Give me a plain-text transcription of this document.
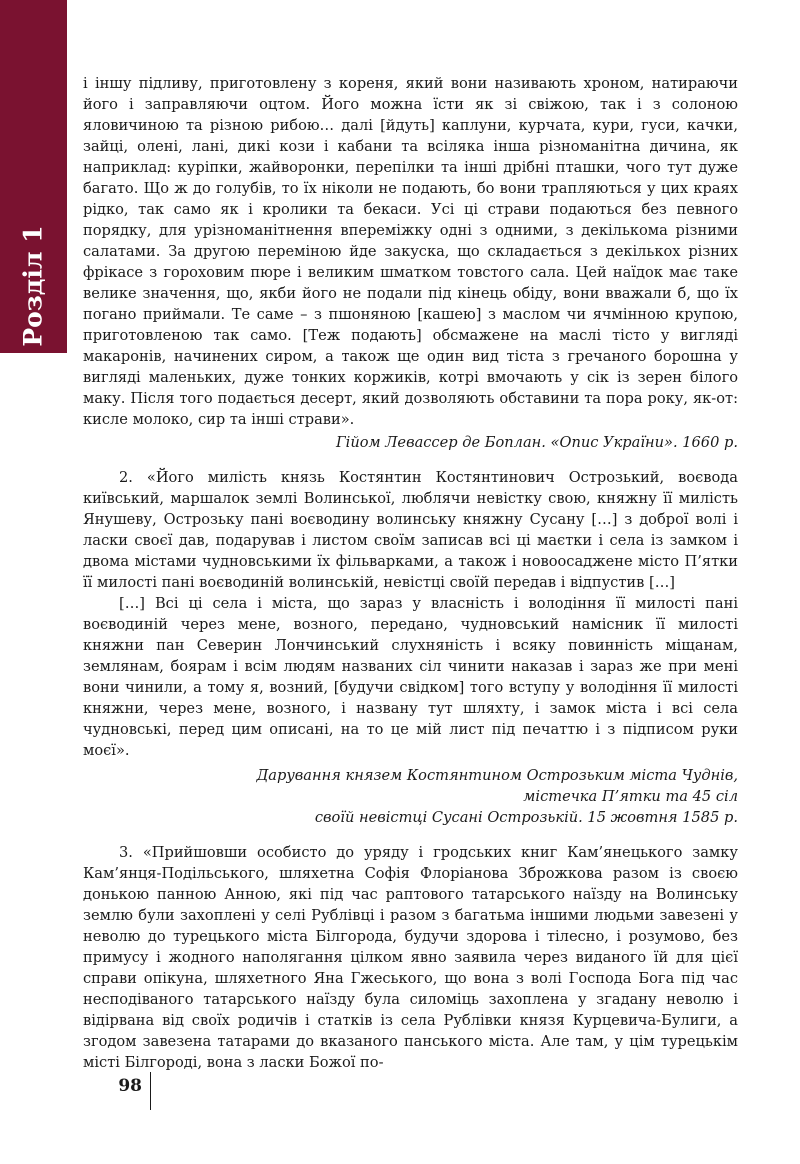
Розділ 1

і іншу підливу, приготовлену з кореня, який вони називають хроном, натираючи його і заправляючи оцтом. Його можна їсти як зі свіжою, так і з солоною яловичиною та різною рибою… далі [йдуть] каплуни, курчата, кури, гуси, качки, зайці, олені, лані, дикі кози і кабани та всіляка інша різноманітна дичина, як наприклад: курiпки, жайворонки, перепілки та інші дрібні пташки, чого тут дуже багато. Що ж до голубів, то їх ніколи не подають, бо вони трапляються у цих краях рідко, так само як і кролики та бекаси. Усі ці страви подаються без певного порядку, для урізноманітнення впереміжку одні з одними, з декількома різними салатами. За другою переміною йде закуска, що складається з декількох різних фрікасе з гороховим пюре і великим шматком товстого сала. Цей наїдок має таке велике значення, що, якби його не подали під кінець обіду, вони вважали б, що їх погано приймали. Те саме – з пшоняною [кашею] з маслом чи ячмінною крупою, приготовленою так само. [Теж подають] обсмажене на маслі тісто у вигляді макаронів, начинених сиром, а також ще один вид тіста з гречаного борошна у вигляді маленьких, дуже тонких коржиків, котрі вмочають у сік із зерен білого маку. Після того подається десерт, який дозволяють обставини та пора року, як-от: кисле молоко, сир та інші страви».

Гійом Левассер де Боплан. «Опис України». 1660 р.

2. «Його милість князь Костянтин Костянтинович Острозький, воєвода київський, маршалок землі Волинської, люблячи невістку свою, княжну її милість Янушеву, Острозьку пані воєводину волинську княжну Сусану […] з доброї волі і ласки своєї дав, подарував і листом своїм записав всі ці маєтки і села із замком і двома містами чудновськими їх фільварками, а також і новоосаджене місто П’ятки її милості пані воєводиній волинській, невістці своїй передав і відпустив […]

[…] Всі ці села і міста, що зараз у власність і володіння її милості пані воєводиній через мене, возного, передано, чудновський намісник її милості княжни пан Северин Лончинський слухняність і всяку повинність міщанам, землянам, боярам і всім людям названих сіл чинити наказав і зараз же при мені вони чинили, а тому я, возний, [будучи свідком] того вступу у володіння її милості княжни, через мене, возного, і названу тут шляхту, і замок міста і всі села чудновські, перед цим описані, на то це мій лист під печаттю і з підписом руки моєї».

Дарування князем Костянтином Острозьким міста Чуднів,
містечка П’ятки та 45 сіл
своїй невістці Сусані Острозькій. 15 жовтня 1585 р.

3. «Прийшовши особисто до уряду і гродських книг Кам’янецького замку Кам’янця-Подільського, шляхетна Софія Флоріанова Зброжкова разом із своєю донькою панною Анною, які під час раптового татарського наїзду на Волинську землю були захоплені у селі Рублівці і разом з багатьма іншими людьми завезені у неволю до турецького міста Білгорода, будучи здорова і тілесно, і розумово, без примусу і жодного наполягання цілком явно заявила через виданого їй для цієї справи опікуна, шляхетного Яна Гжеського, що вона з волі Господа Бога під час несподіваного татарського наїзду була силоміць захоплена у згадану неволю і відірвана від своїх родичів і статків із села Рублівки князя Курцевича-Булиги, а згодом завезена татарами до вказаного панського міста. Але там, у цім турецькім місті Білгороді, вона з ласки Божої по-

98
